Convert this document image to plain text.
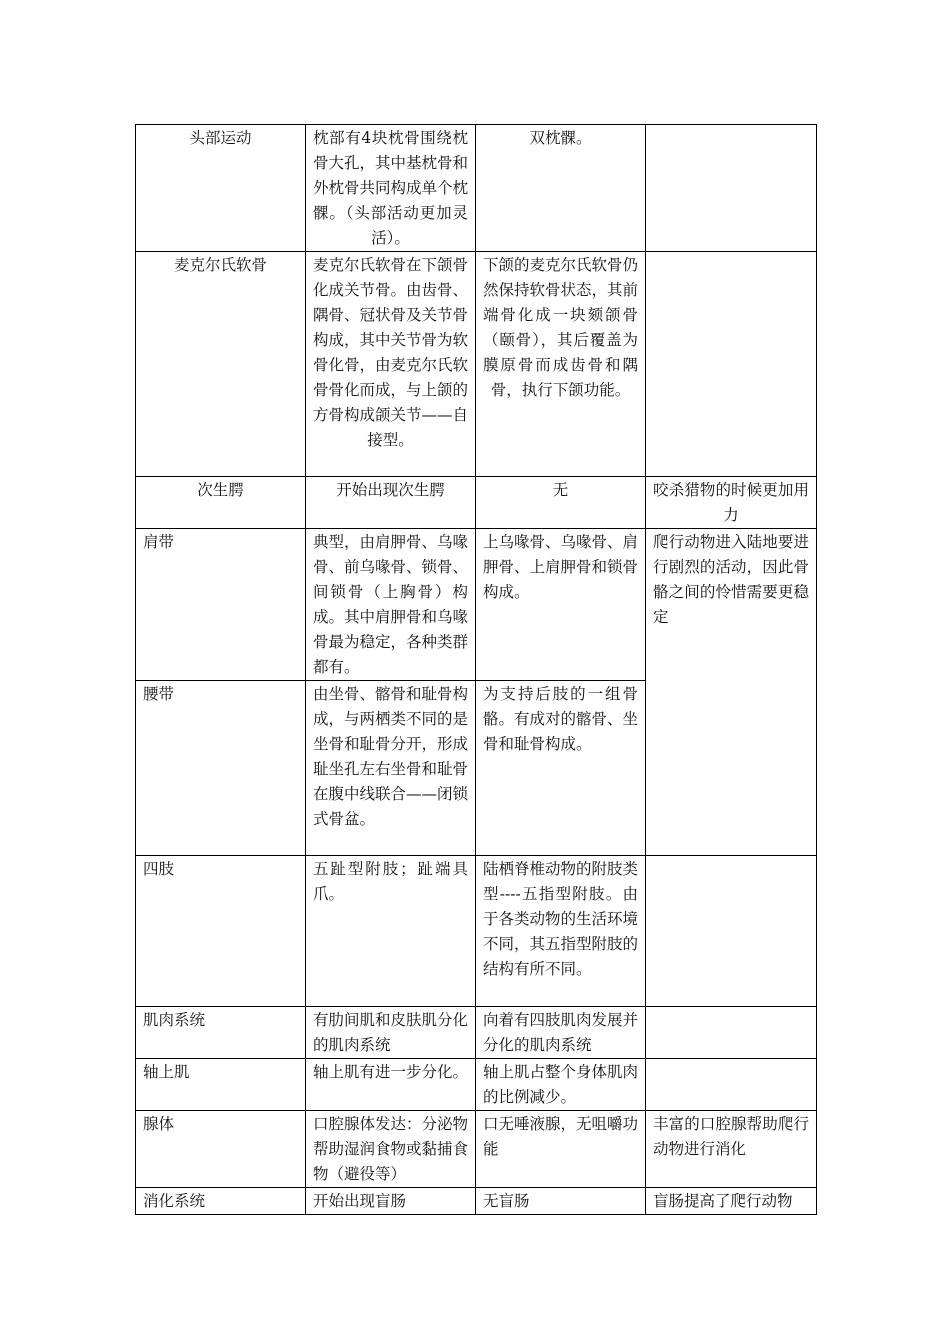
头部运动	枕部有4块枕骨围绕枕骨大孔，其中基枕骨和外枕骨共同构成单个枕髁。（头部活动更加灵活）。	双枕髁。	
麦克尔氏软骨	麦克尔氏软骨在下颌骨化成关节骨。由齿骨、隅骨、冠状骨及关节骨构成，其中关节骨为软骨化骨，由麦克尔氏软骨骨化而成，与上颌的方骨构成颌关节——自接型。	下颌的麦克尔氏软骨仍然保持软骨状态，其前端骨化成一块颏颌骨（颐骨），其后覆盖为膜原骨而成齿骨和隅骨，执行下颌功能。	
次生腭	开始出现次生腭	无	咬杀猎物的时候更加用力
肩带	典型，由肩胛骨、乌喙骨、前乌喙骨、锁骨、间锁骨（上胸骨）构成。其中肩胛骨和乌喙骨最为稳定，各种类群都有。	上乌喙骨、乌喙骨、肩胛骨、上肩胛骨和锁骨构成。	爬行动物进入陆地要进行剧烈的活动，因此骨骼之间的怜惜需要更稳定
腰带	由坐骨、髂骨和耻骨构成，与两栖类不同的是坐骨和耻骨分开，形成耻坐孔左右坐骨和耻骨在腹中线联合——闭锁式骨盆。	为支持后肢的一组骨骼。有成对的髂骨、坐骨和耻骨构成。	
四肢	五趾型附肢；趾端具爪。	陆栖脊椎动物的附肢类型----五指型附肢。由于各类动物的生活环境不同，其五指型附肢的结构有所不同。	
肌肉系统	有肋间肌和皮肤肌分化的肌肉系统	向着有四肢肌肉发展并分化的肌肉系统	
轴上肌	轴上肌有进一步分化。	轴上肌占整个身体肌肉的比例减少。	
腺体	口腔腺体发达：分泌物帮助湿润食物或黏捕食物（避役等）	口无唾液腺，无咀嚼功能	丰富的口腔腺帮助爬行动物进行消化
消化系统	开始出现盲肠	无盲肠	盲肠提高了爬行动物
